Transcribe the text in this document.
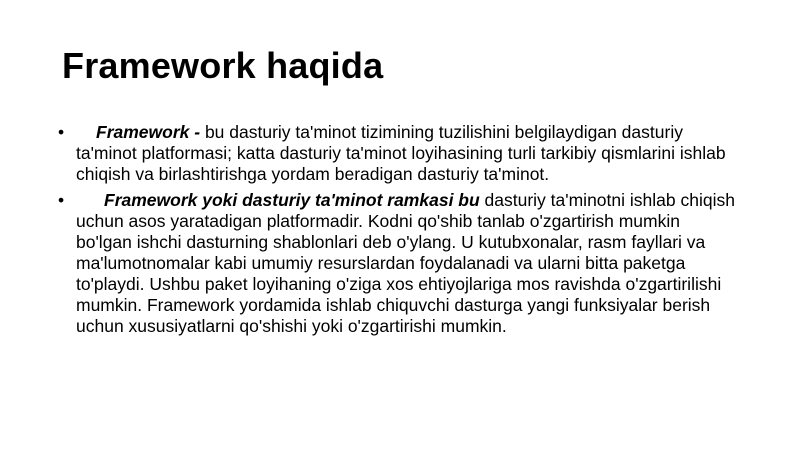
Framework haqida
•	Framework - bu dasturiy ta'minot tizimining tuzilishini belgilaydigan dasturiy ta'minot platformasi; katta dasturiy ta'minot loyihasining turli tarkibiy qismlarini ishlab chiqish va birlashtirishga yordam beradigan dasturiy ta'minot.
•	Framework yoki dasturiy ta'minot ramkasi bu dasturiy ta'minotni ishlab chiqish uchun asos yaratadigan platformadir. Kodni qo'shib tanlab o'zgartirish mumkin bo'lgan ishchi dasturning shablonlari deb o'ylang. U kutubxonalar, rasm fayllari va ma'lumotnomalar kabi umumiy resurslardan foydalanadi va ularni bitta paketga to'playdi. Ushbu paket loyihaning o'ziga xos ehtiyojlariga mos ravishda o'zgartirilishi mumkin. Framework yordamida ishlab chiquvchi dasturga yangi funksiyalar berish uchun xususiyatlarni qo'shishi yoki o'zgartirishi mumkin.
